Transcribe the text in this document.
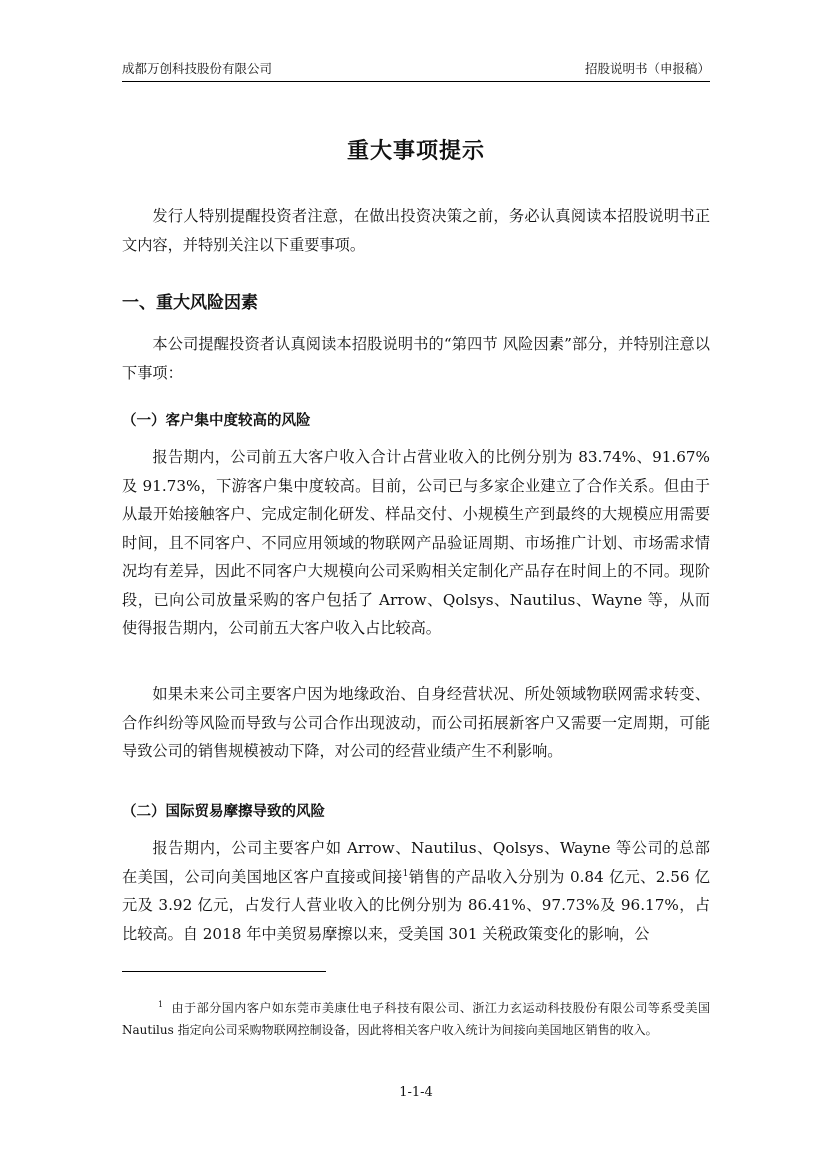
成都万创科技股份有限公司	招股说明书（申报稿）
重大事项提示

发行人特别提醒投资者注意，在做出投资决策之前，务必认真阅读本招股说明书正文内容，并特别关注以下重要事项。

一、重大风险因素

本公司提醒投资者认真阅读本招股说明书的“第四节 风险因素”部分，并特别注意以下事项：

（一）客户集中度较高的风险

报告期内，公司前五大客户收入合计占营业收入的比例分别为 83.74%、91.67%及 91.73%，下游客户集中度较高。目前，公司已与多家企业建立了合作关系。但由于从最开始接触客户、完成定制化研发、样品交付、小规模生产到最终的大规模应用需要时间，且不同客户、不同应用领域的物联网产品验证周期、市场推广计划、市场需求情况均有差异，因此不同客户大规模向公司采购相关定制化产品存在时间上的不同。现阶段，已向公司放量采购的客户包括了 Arrow、Qolsys、Nautilus、Wayne 等，从而使得报告期内，公司前五大客户收入占比较高。

如果未来公司主要客户因为地缘政治、自身经营状况、所处领域物联网需求转变、合作纠纷等风险而导致与公司合作出现波动，而公司拓展新客户又需要一定周期，可能导致公司的销售规模被动下降，对公司的经营业绩产生不利影响。

（二）国际贸易摩擦导致的风险

报告期内，公司主要客户如 Arrow、Nautilus、Qolsys、Wayne 等公司的总部在美国，公司向美国地区客户直接或间接$^1$销售的产品收入分别为 0.84 亿元、2.56 亿元及 3.92 亿元，占发行人营业收入的比例分别为 86.41%、97.73%及 96.17%，占比较高。自 2018 年中美贸易摩擦以来，受美国 301 关税政策变化的影响，公

$^1$ 由于部分国内客户如东莞市美康仕电子科技有限公司、浙江力玄运动科技股份有限公司等系受美国 Nautilus 指定向公司采购物联网控制设备，因此将相关客户收入统计为间接向美国地区销售的收入。

1-1-4
